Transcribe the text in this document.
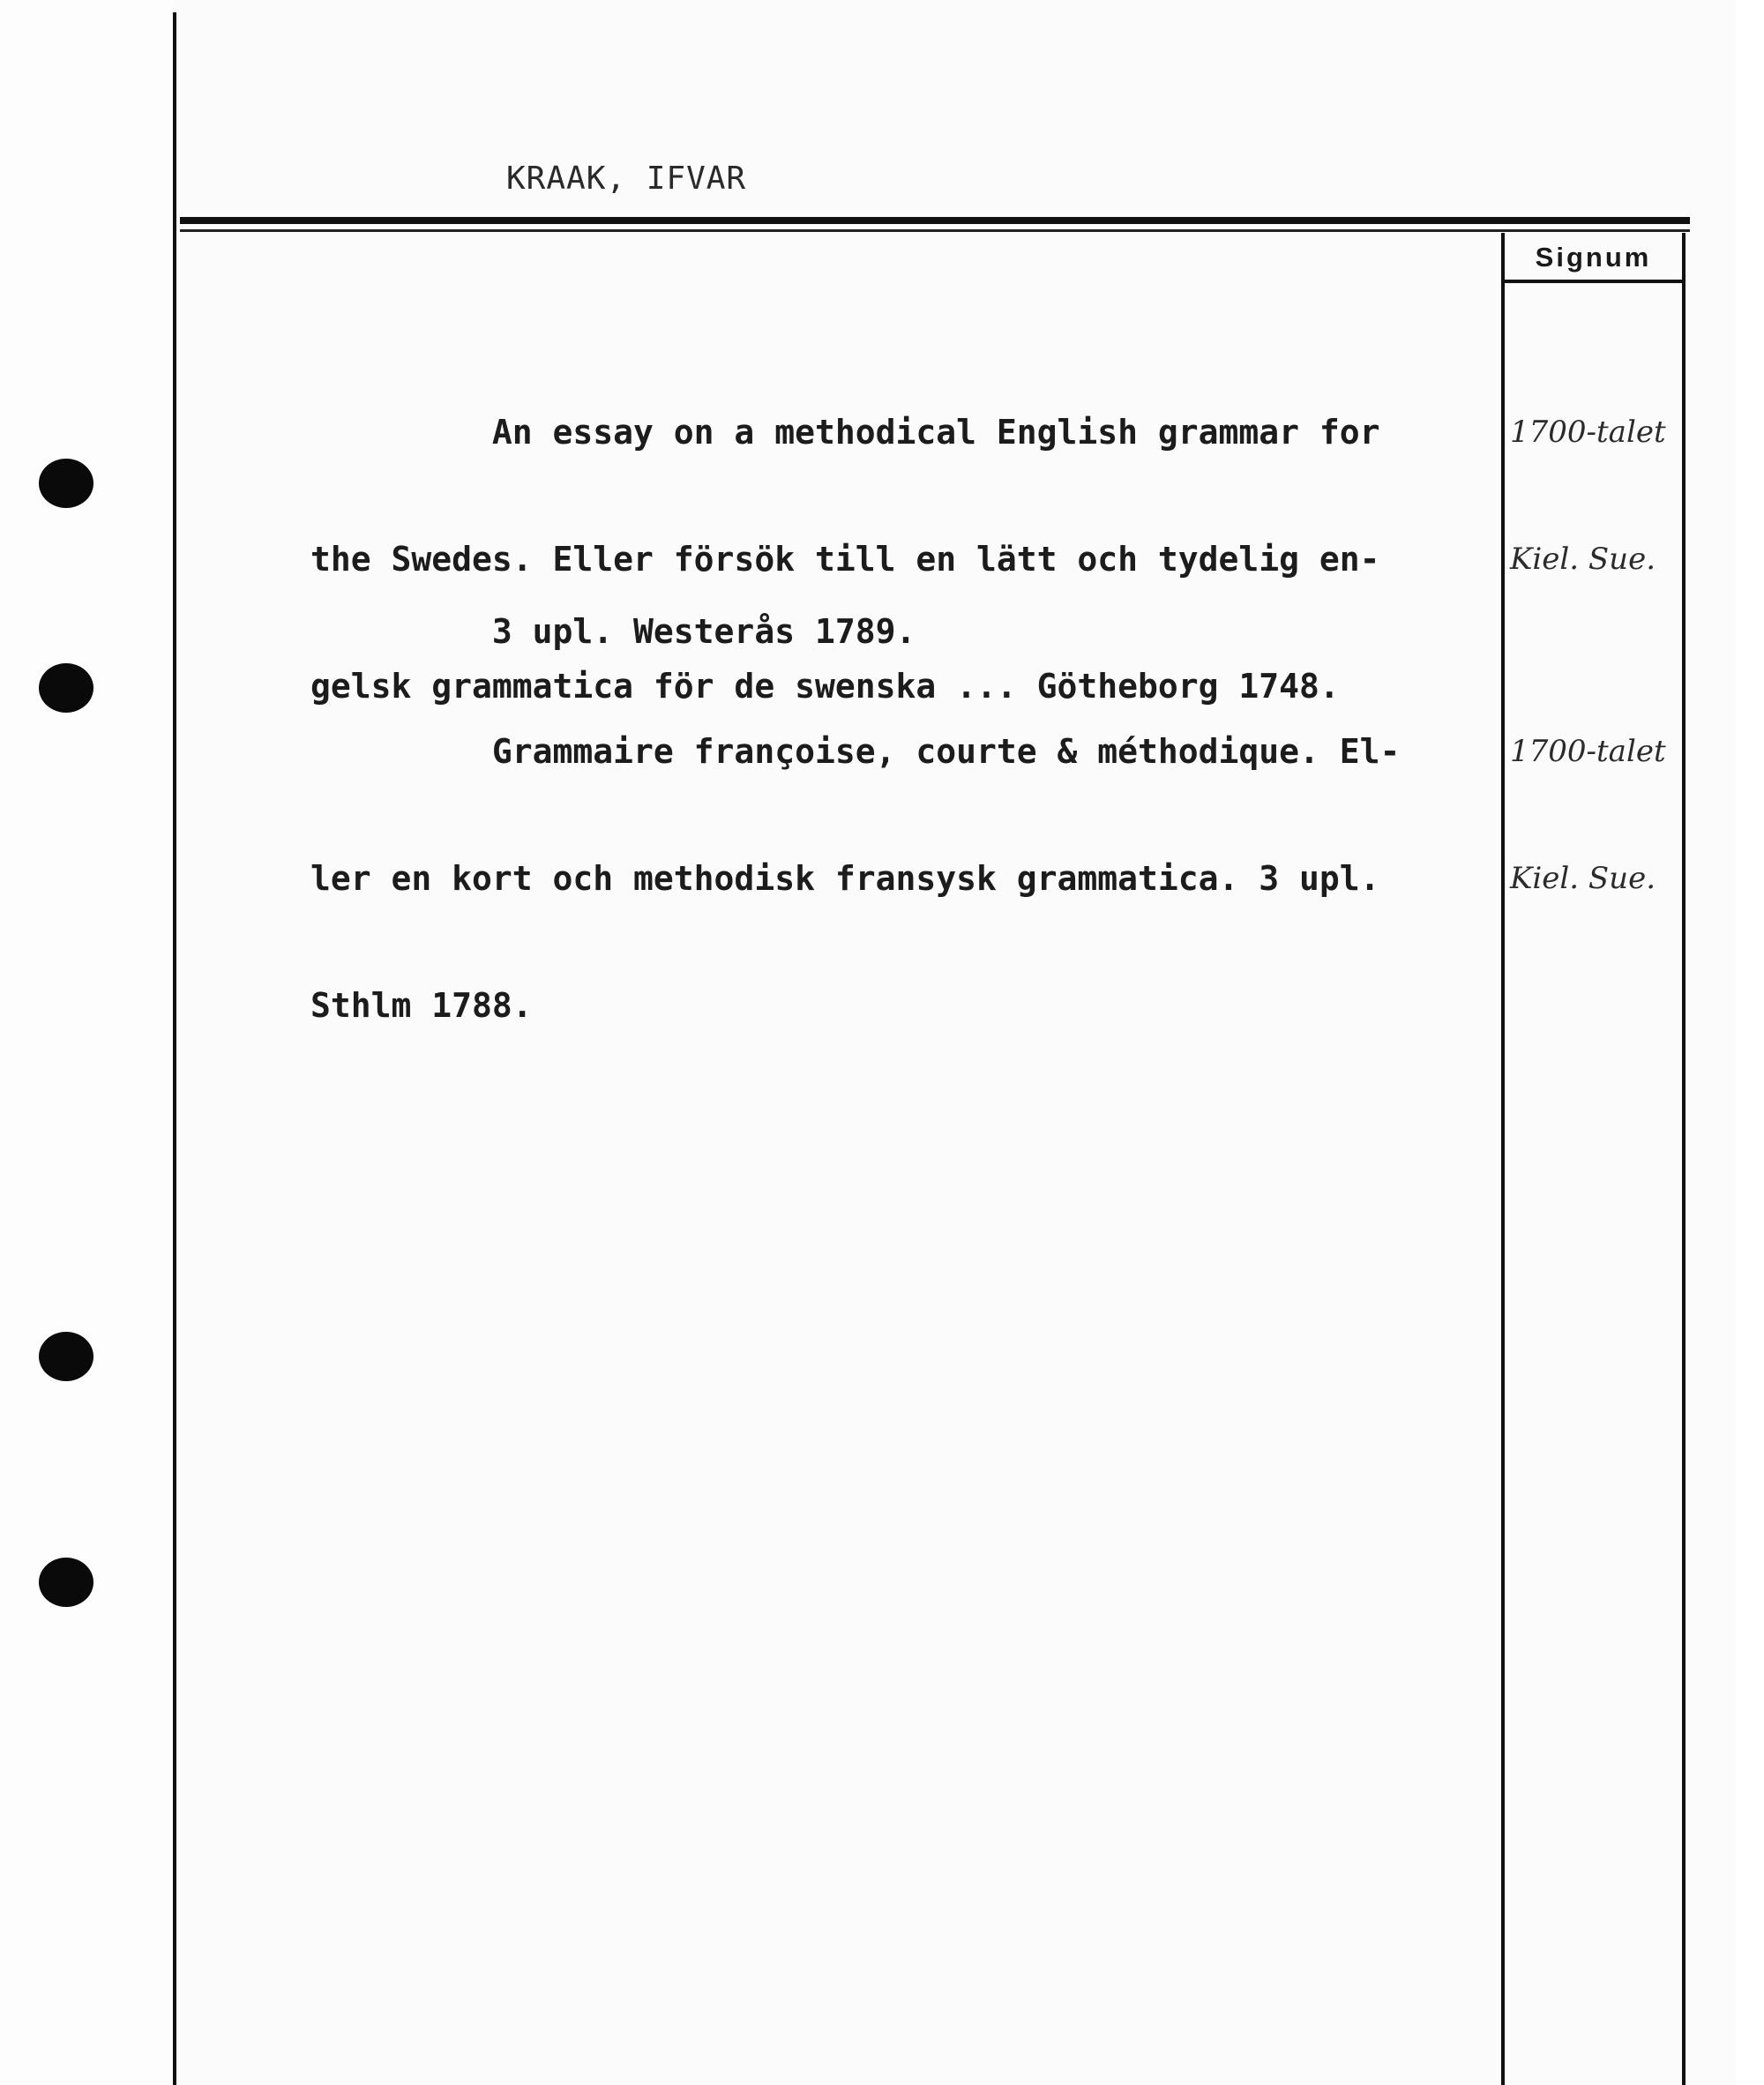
KRAAK, IFVAR
Signum

An essay on a methodical English grammar for

the Swedes. Eller försök till en lätt och tydelig en-

gelsk grammatica för de swenska ... Götheborg 1748.

1700-talet

Kiel. Sue.

3 upl. Westerås 1789.

Grammaire françoise, courte & méthodique. El-

ler en kort och methodisk fransysk grammatica. 3 upl.

Sthlm 1788.

1700-talet

Kiel. Sue.
